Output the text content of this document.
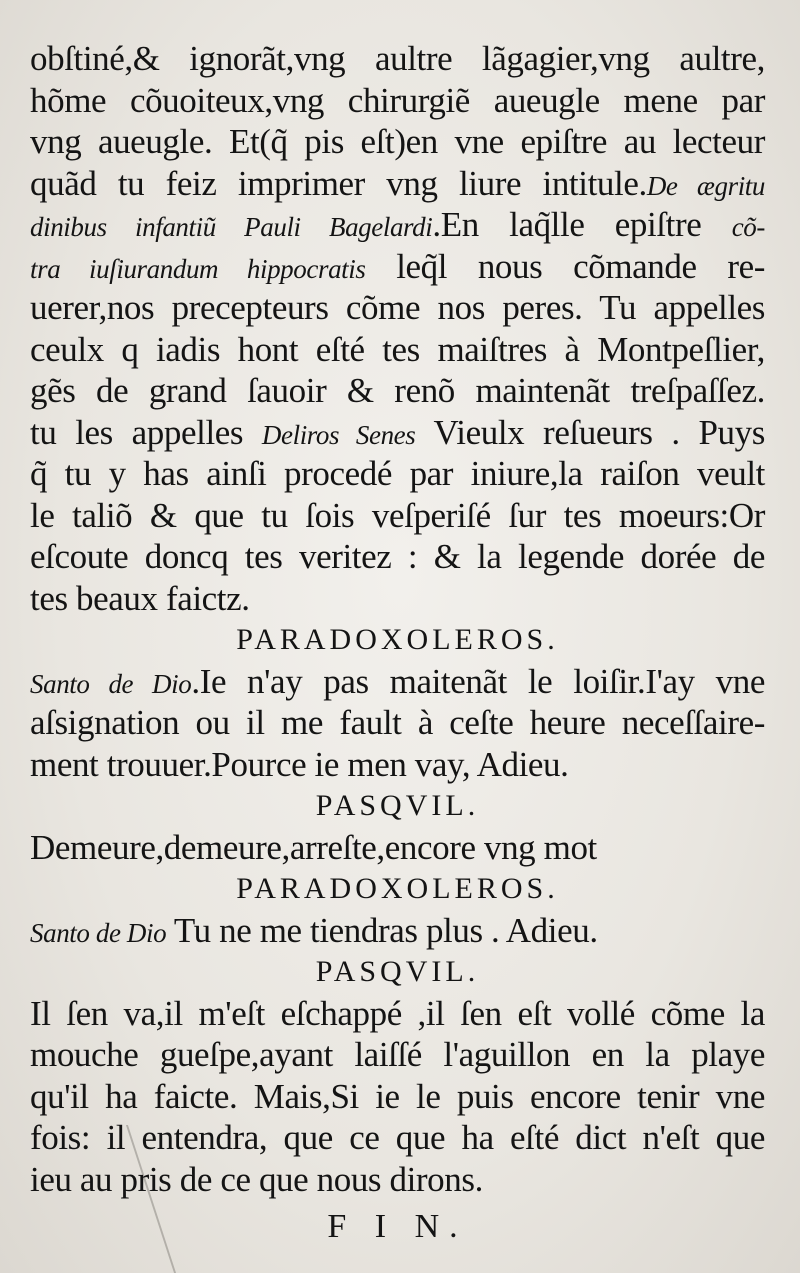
obſtiné,& ignorãt,vng aultre lãgagier,vng aultre,
hõme cõuoiteux,vng chirurgiẽ aueugle mene par
vng aueugle. Et(q̃ pis eſt)en vne epiſtre au lecteur
quãd tu feiz imprimer vng liure intitule.De ægritu
dinibus infantiũ Pauli Bagelardi.En laq̃lle epiſtre cõ-
tra iuſiurandum hippocratis leq̃l nous cõmande re-
uerer,nos precepteurs cõme nos peres. Tu appelles
ceulx q iadis hont eſté tes maiſtres à Montpeſlier,
gẽs de grand ſauoir & renõ maintenãt treſpaſſez.
tu les appelles Deliros Senes Vieulx reſueurs . Puys
q̃ tu y has ainſi procedé par iniure,la raiſon veult
le taliõ & que tu ſois veſperiſé ſur tes moeurs:Or
eſcoute doncq tes veritez : & la legende dorée de
tes beaux faictz.
PARADOXOLEROS.
Santo de Dio.Ie n'ay pas maitenãt le loiſir.I'ay vne
aſsignation ou il me fault à ceſte heure neceſſaire-
ment trouuer.Pource ie men vay, Adieu.
PASQVIL.
Demeure,demeure,arreſte,encore vng mot
PARADOXOLEROS.
Santo de Dio Tu ne me tiendras plus . Adieu.
PASQVIL.
Il ſen va,il m'eſt eſchappé ,il ſen eſt vollé cõme la
mouche gueſpe,ayant laiſſé l'aguillon en la playe
qu'il ha faicte. Mais,Si ie le puis encore tenir vne
fois: il entendra, que ce que ha eſté dict n'eſt que
ieu au pris de ce que nous dirons.
F I N.
